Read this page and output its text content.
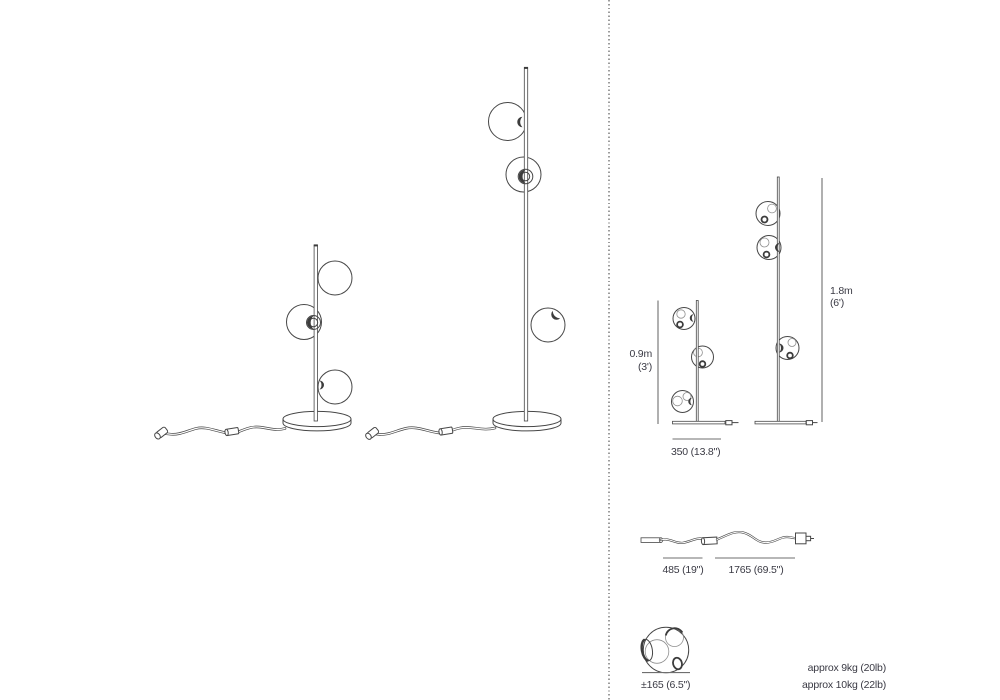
0.9m
(3')
1.8m
(6')
350 (13.8")
485 (19")	1765 (69.5")
±165 (6.5")
approx 9kg (20lb)
approx 10kg (22lb)
